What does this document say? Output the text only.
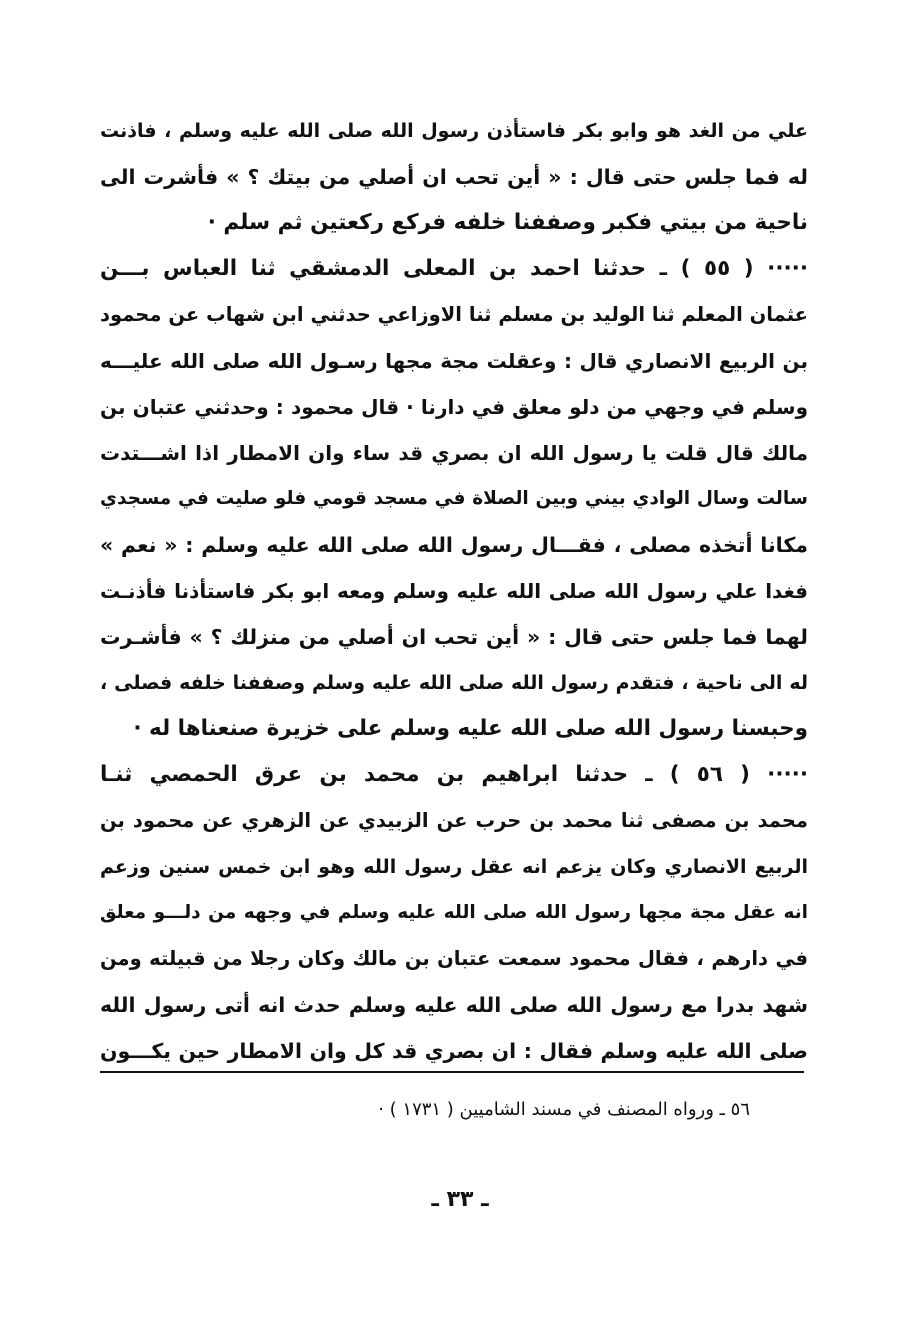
علي من الغد هو وابو بكر فاستأذن رسول الله صلى الله عليه وسلم ، فاذنت
له فما جلس حتى قال : « أين تحب ان أصلي من بيتك ؟ » فأشرت الى
ناحية من بيتي فكبر وصففنا خلفه فركع ركعتين ثم سلم ·
····· ( ٥٥ ) ـ حدثنا احمد بن المعلى الدمشقي ثنا العباس بـــن
عثمان المعلم ثنا الوليد بن مسلم ثنا الاوزاعي حدثني ابن شهاب عن محمود
بن الربيع الانصاري قال : وعقلت مجة مجها رسـول الله صلى الله عليـــه
وسلم في وجهي من دلو معلق في دارنا · قال محمود : وحدثني عتبان بن
مالك قال قلت يا رسول الله ان بصري قد ساء وان الامطار اذا اشـــتدت
سالت وسال الوادي بيني وبين الصلاة في مسجد قومي فلو صليت في مسجدي
مكانا أتخذه مصلى ، فقـــال رسول الله صلى الله عليه وسلم : « نعم »
فغدا علي رسول الله صلى الله عليه وسلم ومعه ابو بكر فاستأذنا فأذنـت
لهما فما جلس حتى قال : « أين تحب ان أصلي من منزلك ؟ » فأشـرت
له الى ناحية ، فتقدم رسول الله صلى الله عليه وسلم وصففنا خلفه فصلى ،
وحبسنا رسول الله صلى الله عليه وسلم على خزيرة صنعناها له ·
····· ( ٥٦ ) ـ حدثنا ابراهيم بن محمد بن عرق الحمصي ثنـا
محمد بن مصفى ثنا محمد بن حرب عن الزبيدي عن الزهري عن محمود بن
الربيع الانصاري وكان يزعم انه عقل رسول الله وهو ابن خمس سنين وزعم
انه عقل مجة مجها رسول الله صلى الله عليه وسلم في وجهه من دلـــو معلق
في دارهم ، فقال محمود سمعت عتبان بن مالك وكان رجلا من قبيلته ومن
شهد بدرا مع رسول الله صلى الله عليه وسلم حدث انه أتى رسول الله
صلى الله عليه وسلم فقال : ان بصري قد كل وان الامطار حين يكـــون
٥٦ ـ ورواه المصنف في مسند الشاميين ( ١٧٣١ ) ·
ـ ٣٣ ـ
